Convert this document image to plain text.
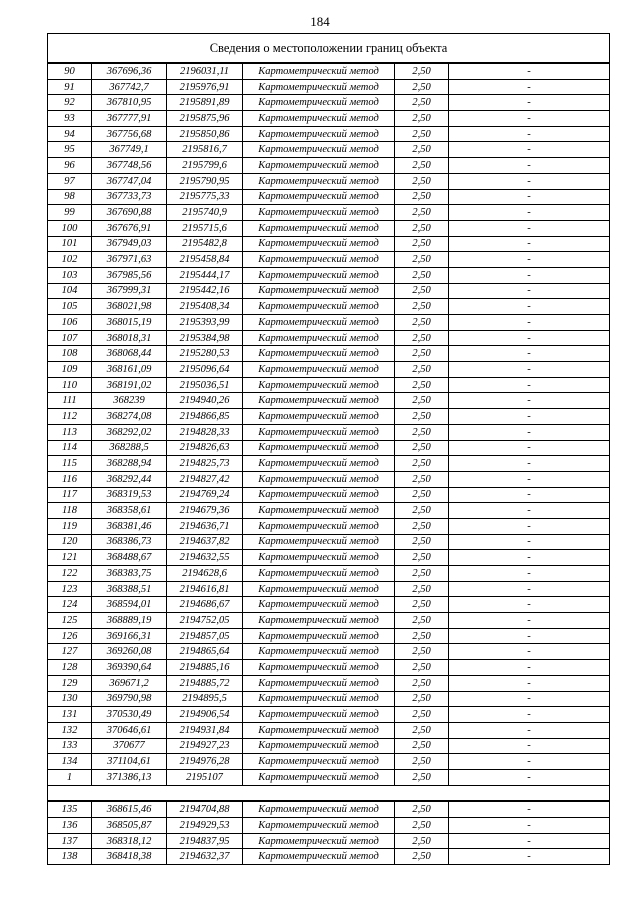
184
Сведения о местоположении границ объекта					
90	367696,36	2196031,11	Картометрический метод	2,50	-
91	367742,7	2195976,91	Картометрический метод	2,50	-
92	367810,95	2195891,89	Картометрический метод	2,50	-
93	367777,91	2195875,96	Картометрический метод	2,50	-
94	367756,68	2195850,86	Картометрический метод	2,50	-
95	367749,1	2195816,7	Картометрический метод	2,50	-
96	367748,56	2195799,6	Картометрический метод	2,50	-
97	367747,04	2195790,95	Картометрический метод	2,50	-
98	367733,73	2195775,33	Картометрический метод	2,50	-
99	367690,88	2195740,9	Картометрический метод	2,50	-
100	367676,91	2195715,6	Картометрический метод	2,50	-
101	367949,03	2195482,8	Картометрический метод	2,50	-
102	367971,63	2195458,84	Картометрический метод	2,50	-
103	367985,56	2195444,17	Картометрический метод	2,50	-
104	367999,31	2195442,16	Картометрический метод	2,50	-
105	368021,98	2195408,34	Картометрический метод	2,50	-
106	368015,19	2195393,99	Картометрический метод	2,50	-
107	368018,31	2195384,98	Картометрический метод	2,50	-
108	368068,44	2195280,53	Картометрический метод	2,50	-
109	368161,09	2195096,64	Картометрический метод	2,50	-
110	368191,02	2195036,51	Картометрический метод	2,50	-
111	368239	2194940,26	Картометрический метод	2,50	-
112	368274,08	2194866,85	Картометрический метод	2,50	-
113	368292,02	2194828,33	Картометрический метод	2,50	-
114	368288,5	2194826,63	Картометрический метод	2,50	-
115	368288,94	2194825,73	Картометрический метод	2,50	-
116	368292,44	2194827,42	Картометрический метод	2,50	-
117	368319,53	2194769,24	Картометрический метод	2,50	-
118	368358,61	2194679,36	Картометрический метод	2,50	-
119	368381,46	2194636,71	Картометрический метод	2,50	-
120	368386,73	2194637,82	Картометрический метод	2,50	-
121	368488,67	2194632,55	Картометрический метод	2,50	-
122	368383,75	2194628,6	Картометрический метод	2,50	-
123	368388,51	2194616,81	Картометрический метод	2,50	-
124	368594,01	2194686,67	Картометрический метод	2,50	-
125	368889,19	2194752,05	Картометрический метод	2,50	-
126	369166,31	2194857,05	Картометрический метод	2,50	-
127	369260,08	2194865,64	Картометрический метод	2,50	-
128	369390,64	2194885,16	Картометрический метод	2,50	-
129	369671,2	2194885,72	Картометрический метод	2,50	-
130	369790,98	2194895,5	Картометрический метод	2,50	-
131	370530,49	2194906,54	Картометрический метод	2,50	-
132	370646,61	2194931,84	Картометрический метод	2,50	-
133	370677	2194927,23	Картометрический метод	2,50	-
134	371104,61	2194976,28	Картометрический метод	2,50	-
1	371386,13	2195107	Картометрический метод	2,50	-

135	368615,46	2194704,88	Картометрический метод	2,50	-
136	368505,87	2194929,53	Картометрический метод	2,50	-
137	368318,12	2194837,95	Картометрический метод	2,50	-
138	368418,38	2194632,37	Картометрический метод	2,50	-
